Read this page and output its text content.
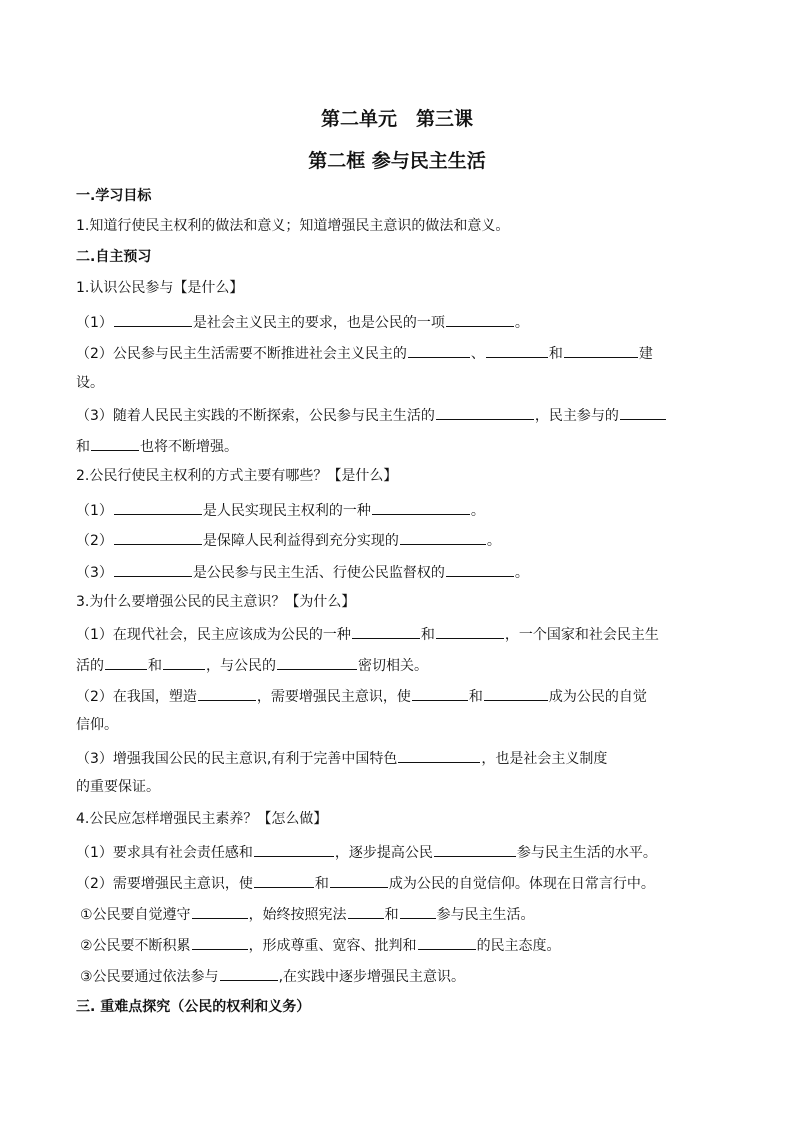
第二单元　第三课
第二框 参与民主生活
一.学习目标
1.知道行使民主权利的做法和意义；知道增强民主意识的做法和意义。
二.自主预习
1.认识公民参与【是什么】
（1）	是社会主义民主的要求，也是公民的一项	。
（2）公民参与民主生活需要不断推进社会主义民主的	、	和	建
设。
（3）随着人民民主实践的不断探索，公民参与民主生活的	，民主参与的
和	也将不断增强。
2.公民行使民主权利的方式主要有哪些？【是什么】
（1）	是人民实现民主权利的一种	。
（2）	是保障人民利益得到充分实现的	。
（3）	是公民参与民主生活、行使公民监督权的	。
3.为什么要增强公民的民主意识？【为什么】
（1）在现代社会，民主应该成为公民的一种	和	，一个国家和社会民主生
活的	和	，与公民的	密切相关。
（2）在我国，塑造	，需要增强民主意识，使	和	成为公民的自觉
信仰。
（3）增强我国公民的民主意识,有利于完善中国特色	，也是社会主义制度
的重要保证。
4.公民应怎样增强民主素养？【怎么做】
（1）要求具有社会责任感和	，逐步提高公民	参与民主生活的水平。
（2）需要增强民主意识，使	和	成为公民的自觉信仰。体现在日常言行中。
①公民要自觉遵守	，始终按照宪法	和	参与民主生活。
②公民要不断积累	，形成尊重、宽容、批判和	的民主态度。
③公民要通过依法参与	,在实践中逐步增强民主意识。
三. 重难点探究（公民的权利和义务）
